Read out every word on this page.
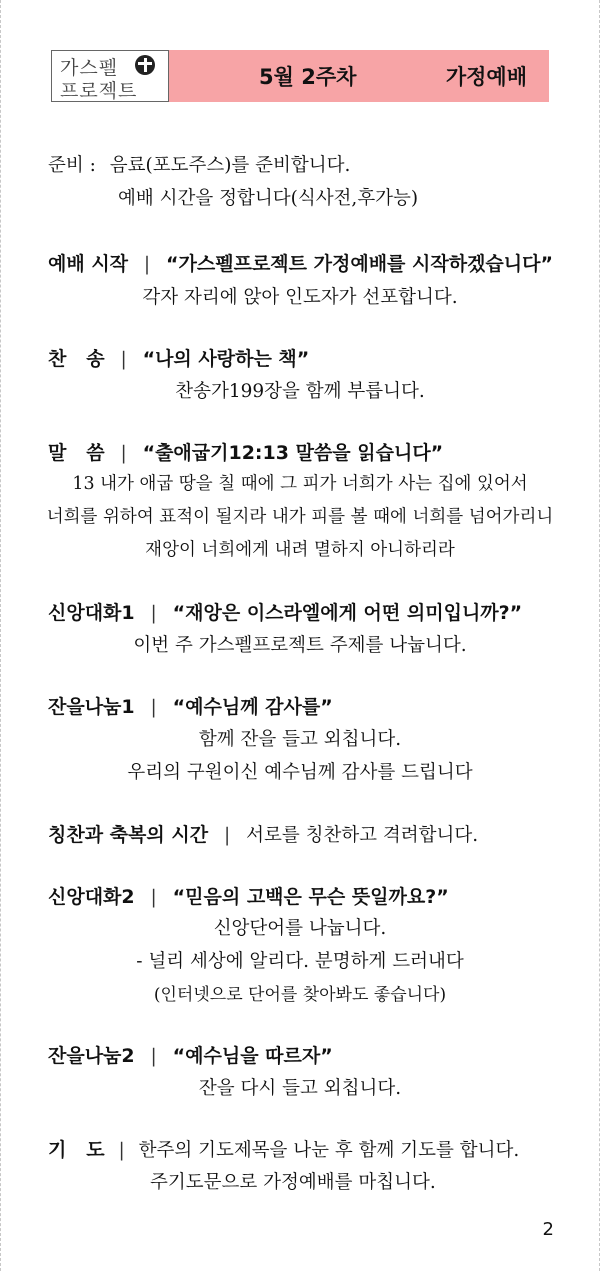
가스펠
프로젝트
5월 2주차	가정예배
준비 : 음료(포도주스)를 준비합니다.
예배 시간을 정합니다(식사전,후가능)
예배 시작 | “가스펠프로젝트 가정예배를 시작하겠습니다”
각자 자리에 앉아 인도자가 선포합니다.
찬   송 | “나의 사랑하는 책”
찬송가199장을 함께 부릅니다.
말   씀 | “출애굽기12:13 말씀을 읽습니다”
13 내가 애굽 땅을 칠 때에 그 피가 너희가 사는 집에 있어서
너희를 위하여 표적이 될지라 내가 피를 볼 때에 너희를 넘어가리니
재앙이 너희에게 내려 멸하지 아니하리라
신앙대화1 | “재앙은 이스라엘에게 어떤 의미입니까?”
이번 주 가스펠프로젝트 주제를 나눕니다.
잔을나눔1 | “예수님께 감사를”
함께 잔을 들고 외칩니다.
우리의 구원이신 예수님께 감사를 드립니다
칭찬과 축복의 시간 | 서로를 칭찬하고 격려합니다.
신앙대화2 | “믿음의 고백은 무슨 뜻일까요?”
신앙단어를 나눕니다.
- 널리 세상에 알리다. 분명하게 드러내다
(인터넷으로 단어를 찾아봐도 좋습니다)
잔을나눔2 | “예수님을 따르자”
잔을 다시 들고 외칩니다.
기   도 | 한주의 기도제목을 나눈 후 함께 기도를 합니다.
주기도문으로 가정예배를 마칩니다.
2
